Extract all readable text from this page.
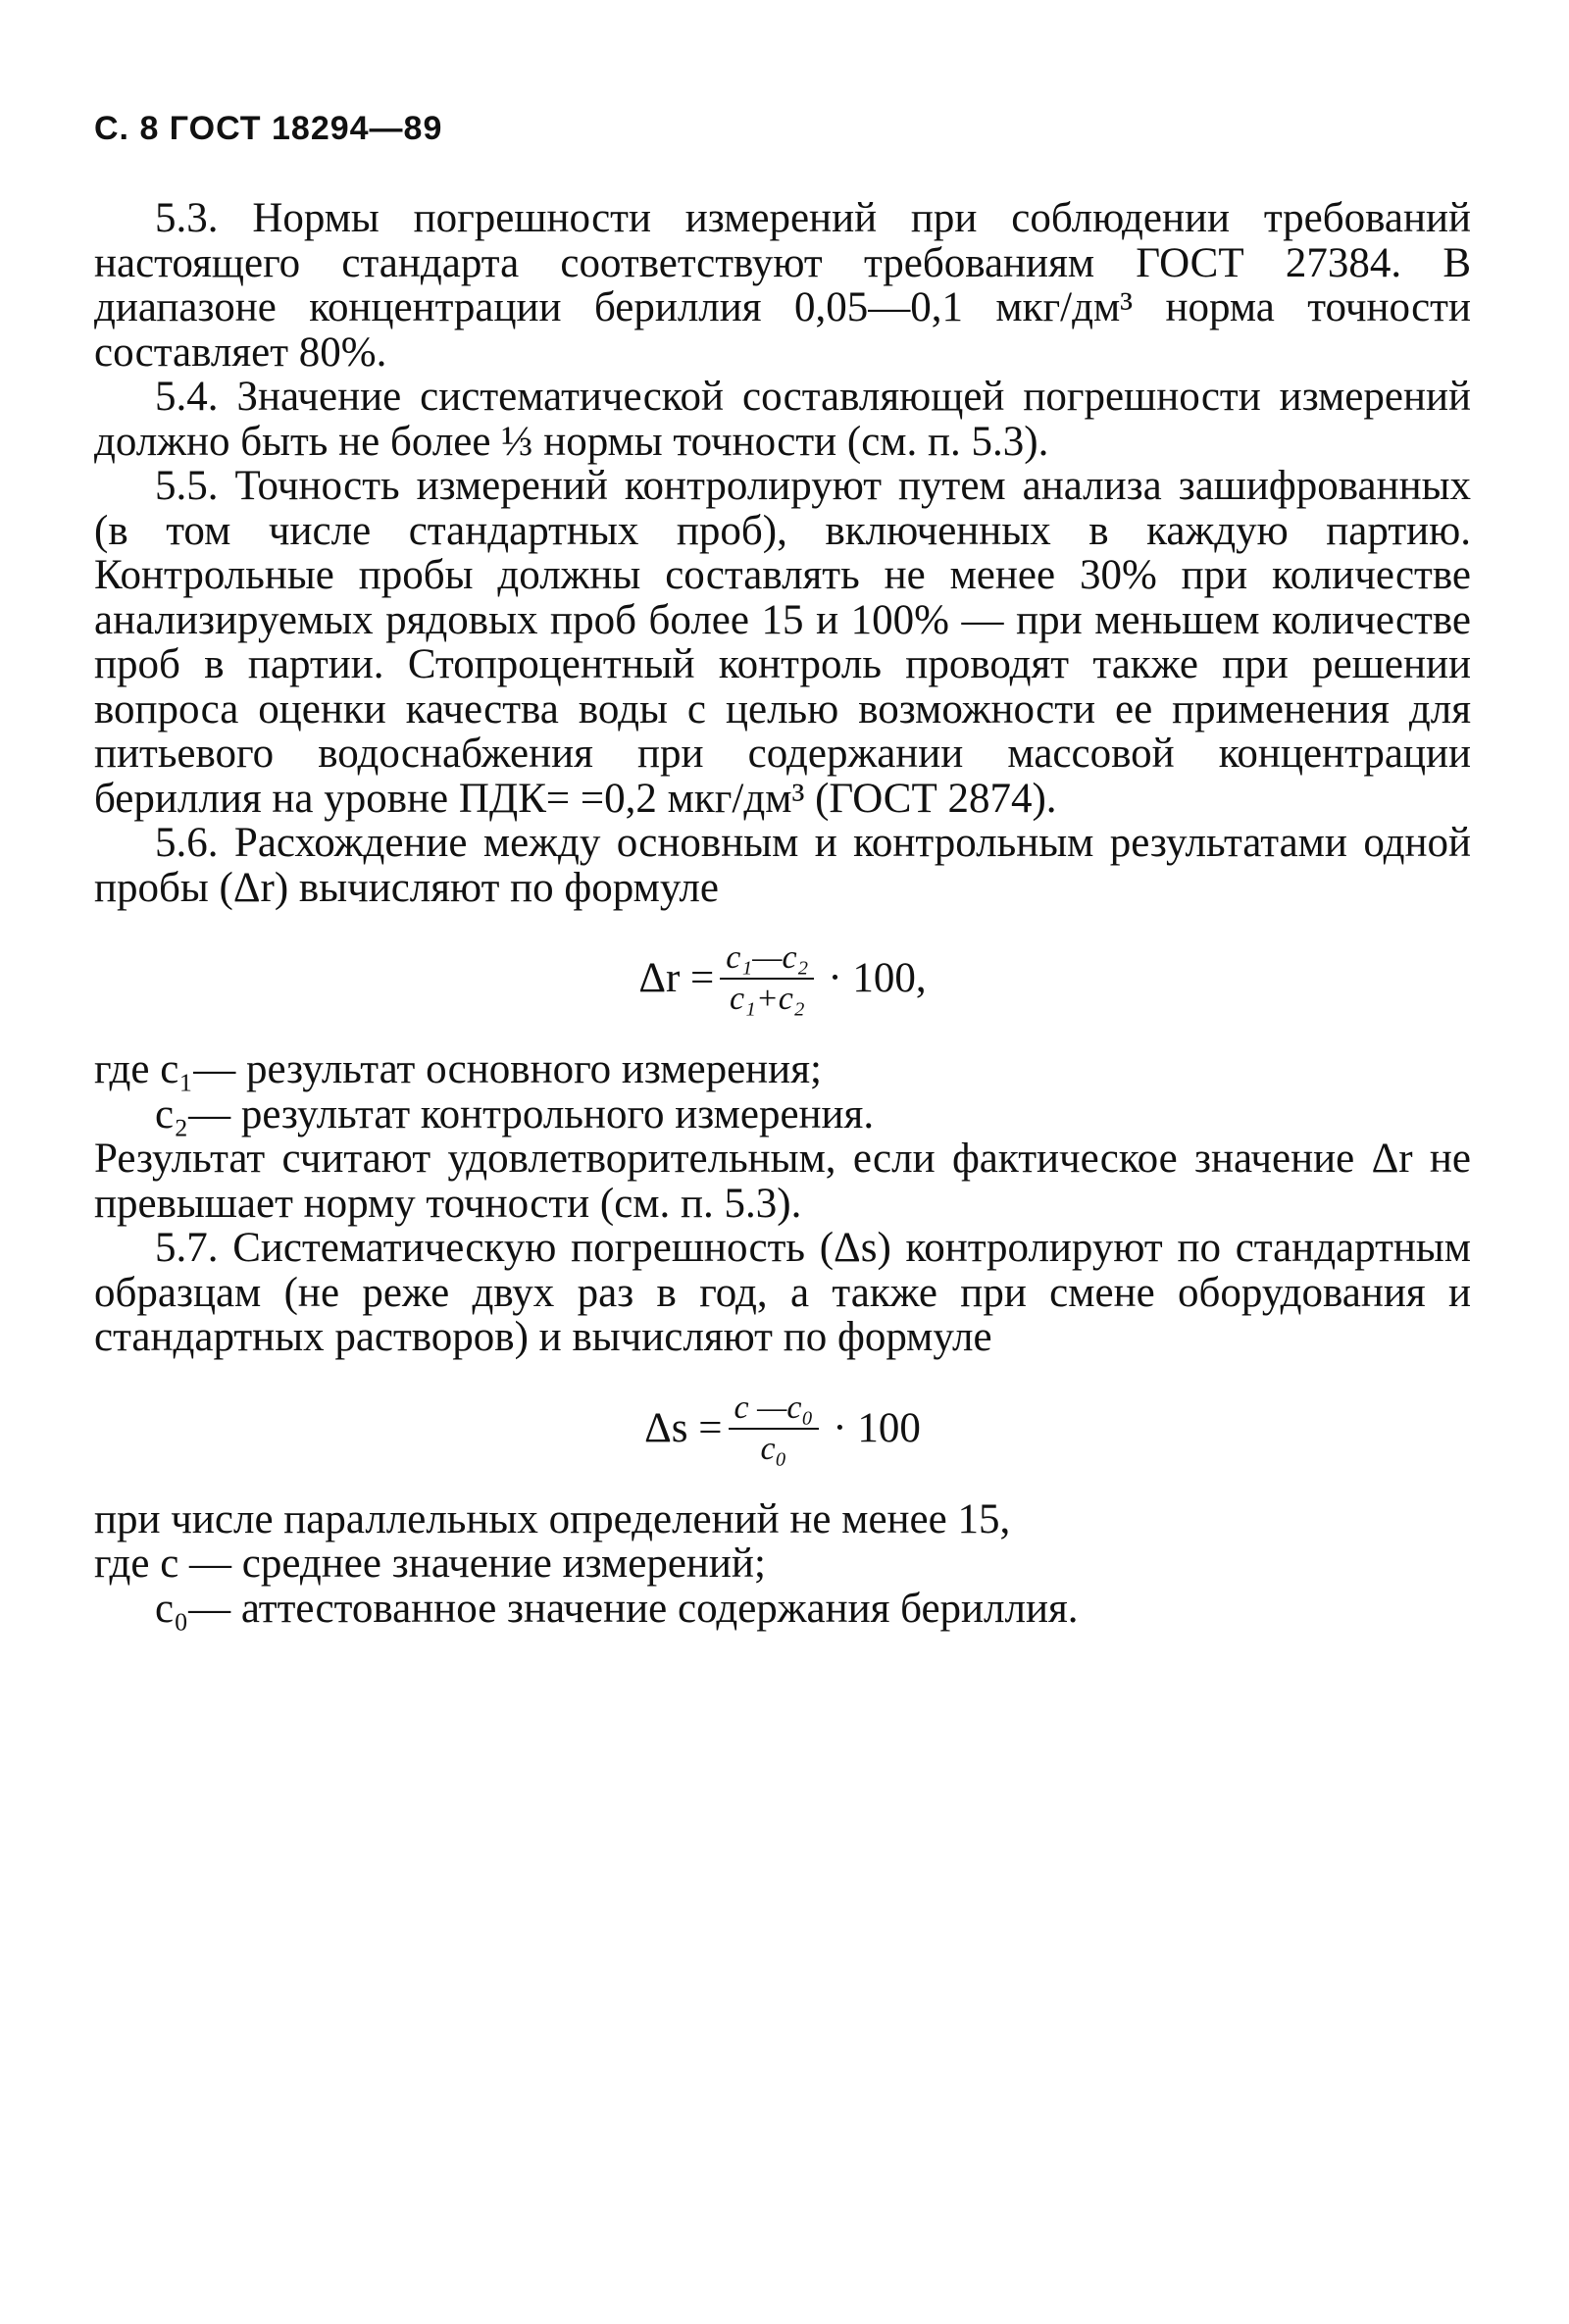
С. 8 ГОСТ 18294—89

5.3. Нормы погрешности измерений при соблюдении требований настоящего стандарта соответствуют требованиям ГОСТ 27384. В диапазоне концентрации бериллия 0,05—0,1 мкг/дм³ норма точности составляет 80%.

5.4. Значение систематической составляющей погрешности измерений должно быть не более ⅓ нормы точности (см. п. 5.3).

5.5. Точность измерений контролируют путем анализа зашифрованных (в том числе стандартных проб), включенных в каждую партию. Контрольные пробы должны составлять не менее 30% при количестве анализируемых рядовых проб более 15 и 100% — при меньшем количестве проб в партии. Стопроцентный контроль проводят также при решении вопроса оценки качества воды с целью возможности ее применения для питьевого водоснабжения при содержании массовой концентрации бериллия на уровне ПДК= =0,2 мкг/дм³ (ГОСТ 2874).

5.6. Расхождение между основным и контрольным результатами одной пробы (Δr) вычисляют по формуле

$\Delta r = \frac{\text{c₁—c₂}}{\text{c₁+c₂}} \cdot 100$,

где c₁— результат основного измерения;

c₂— результат контрольного измерения.

Результат считают удовлетворительным, если фактическое значение Δr не превышает норму точности (см. п. 5.3).

5.7. Систематическую погрешность (Δs) контролируют по стандартным образцам (не реже двух раз в год, а также при смене оборудования и стандартных растворов) и вычисляют по формуле

$\Delta s = \frac{\text{c —c₀}}{\text{c₀}} \cdot 100$

при числе параллельных определений не менее 15,

где c — среднее значение измерений;

c₀— аттестованное значение содержания бериллия.
